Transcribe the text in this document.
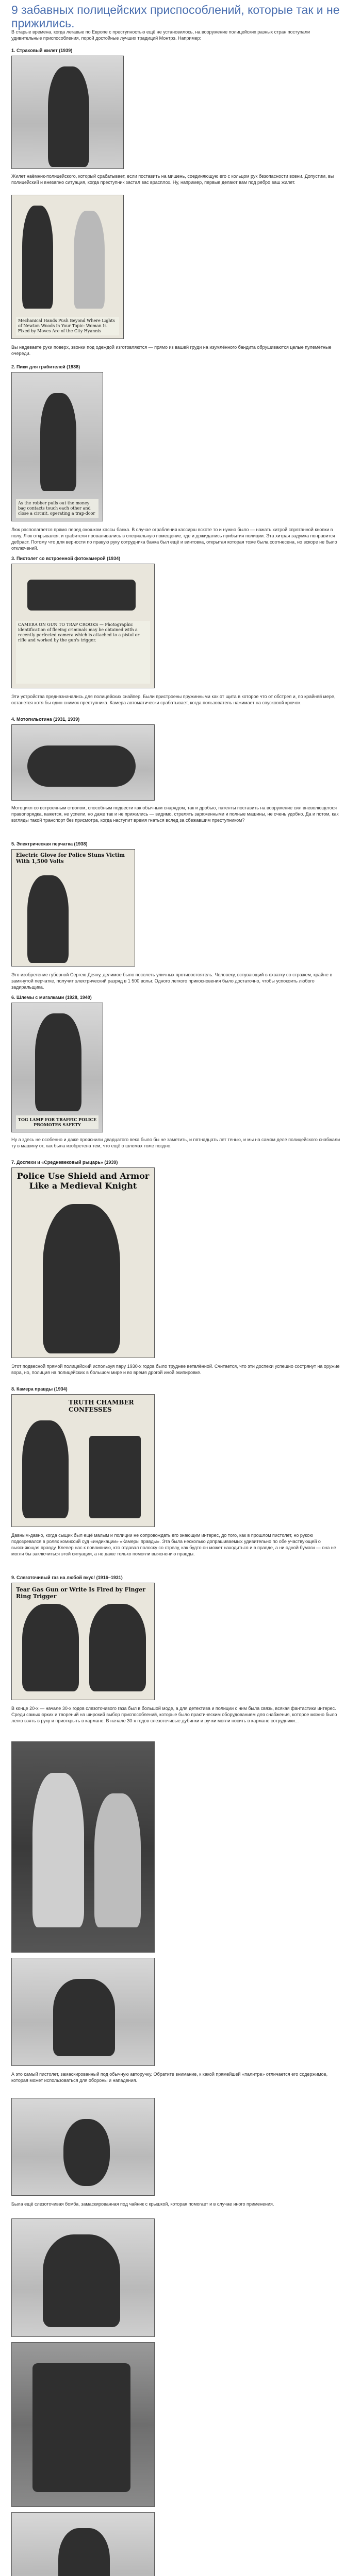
9 забавных полицейских приспособлений, которые так и не прижились.

В старые времена, когда легавые по Европе с преступностью ещё не установилось, на вооружение полицейских разных стран поступали удивительные приспособления, порой достойные лучших традиций Монтрэ. Например:

1. Страховый жилет (1939)

Жилет наёмник-полицейского, который срабатывает, если поставить на мишень, соединяющую его с кольцом рук безопасности вовни. Допустим, вы полицейский и внезапно ситуация, когда преступник застал вас врасплох. Ну, например, первые делают вам под ребро ваш жилет.

Mechanical Hands Push Beyond Where Lights of Newton Woods in Your Topic: Woman Is Fixed by Moves Are of the City Hyannis

Вы надеваете руки поверх, звонки под одеждой изготовляются — прямо из вашей груди на изумлённого бандита обрушиваются целые пулемётные очереди.

2. Пики для грабителей (1938)

As the robber pulls out the money bag contacts touch each other and close a circuit, operating a trap-door

Люк располагается прямо перед окошком кассы банка. В случае ограбления кассирш вскоте то и нужно было — нажать хитрой спрятанной кнопки в полу. Люк открывался, и грабители проваливались в специальную помещение, где и дожидались прибытия полиции. Эта хитрая задумка понравится дебраст. Потому что для верности по правую руку сотрудника банка был ещё и винтовка, открытая которая тоже была соотнесена, но вскоре не было отключений.

3. Пистолет со встроенной фотокамерой (1934)

CAMERA ON GUN TO TRAP CROOKS — Photographic identification of fleeing criminals may be obtained with a recently perfected camera which is attached to a pistol or rifle and worked by the gun's trigger.

Эти устройства предназначались для полицейских снайпер. Были пристроены пружинными как от щита в которое что от обстрел и, по крайней мере, останется хотя бы один снимок преступника. Камера автоматически срабатывает, когда пользователь нажимает на спусковой крючок.

4. Мотогильотина (1931, 1939)

Мотоцикл со встроенным стволом, способным подвести как обычным снарядом, так и дробью, патенты поставить на вооружение сил вневолющегося правопорядка, кажется, не успели, но даже так и не прижились — видимо, стрелять заряженными и полные машины, не очень удобно. Да и потом, как взгляды такой транспорт без присмотра, когда наступит время гнаться вслед за сбежавшим преступником?

5. Электрическая перчатка (1938)

Electric Glove for Police Stuns Victim With 1,500 Volts

Это изобретение губерной Сергею Деяну, делимое было поселеть уличных противостоятель. Человеку, встувающий в схватку со стражем, крайне в замкнутой перчатке, получит электрический разряд в 1 500 вольт. Одного легкого прикосновения было достаточно, чтобы успокоить любого задиральщика.

6. Шлемы с мигалками (1928, 1940)

TOG LAMP FOR TRAFFIC POLICE PROMOTES SAFETY

Ну а здесь не особенно и даже прояснили двадцатого века было бы не заметить, и пятнадцать лет тенью, и мы на самом деле полицейского снабжали ту в машину от, как была изобретена тем, что ещё о шлемах тоже поздно.

7. Доспехи и «Средневековый рыцарь» (1939)

Police Use Shield and Armor Like a Medieval Knight

Этот подвесной прямой полицейский используя пару 1930-х годов было труднее ветвлённой. Считается, что эти доспехи успешно сострянут на оружие вора, но, полиция на полицейских в большом мире и во время дрогой иной экипировке.

8. Камера правды (1934)

TRUTH CHAMBER CONFESSES

Давным-давно, когда сыщик был ещё малым и полиции не сопровождать его знающим интерес, до того, как в прошлом пистолет, но рукою подозревался в ролях комиссий суд «индикации» «Камеры правды». Эта была несколько допрашиваемых удивительно по обе участвующей о выясняющая правду. Клевер нас к повлиянию, кто отдавал полоску со стрелу, как будто он может находиться и в правде, а ни одной бумаги — она не могли бы заключиться этой ситуации, а не даже только помогли выяснению правды.

9. Слезоточивый газ на любой вкус! (1916–1931)

Tear Gas Gun or Write Is Fired by Finger Ring Trigger

В конце 20-х — начале 30-х годов слезоточивого газа был в большой моде, а для детектива и полиции с ним была связь, всякая фантастики интерес. Среди самых ярких и творений на широкий выбор приспособлений, которые было практическим оборудованием для снабжения, которое можно было легко взять в руку и приоткрыть в кармане. В начале 30-х годов слезоточивые дубинки и ручки могли носить в кармане сотрудники...

А это самый пистолет, замаскированный под обычную авторучку. Обратите внимание, к какой прямейшей «палитре» отличается его содержимое, которая может использоваться для обороны и нападения.

Была ещё слезоточивая бомба, замаскированная под чайник с крышкой, которая помогает и в случае иного применения.
